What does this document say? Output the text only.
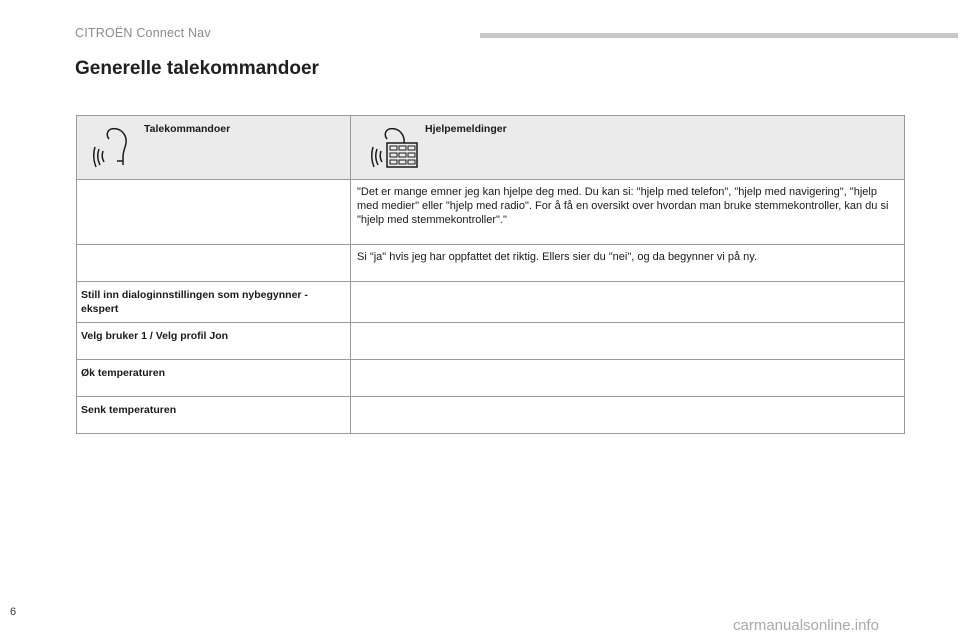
CITROËN Connect Nav
Generelle talekommandoer
Talekommandoer	Hjelpemeldinger

	"Det er mange emner jeg kan hjelpe deg med. Du kan si: "hjelp med telefon", "hjelp med navigering", "hjelp med medier" eller "hjelp med radio". For å få en oversikt over hvordan man bruke stemmekontroller, kan du si "hjelp med stemmekontroller"."

	Si "ja" hvis jeg har oppfattet det riktig. Ellers sier du "nei", og da begynner vi på ny.

Still inn dialoginnstillingen som nybegynner - ekspert	

Velg bruker 1 / Velg profil Jon	

Øk temperaturen	

Senk temperaturen	

6
carmanualsonline.info
